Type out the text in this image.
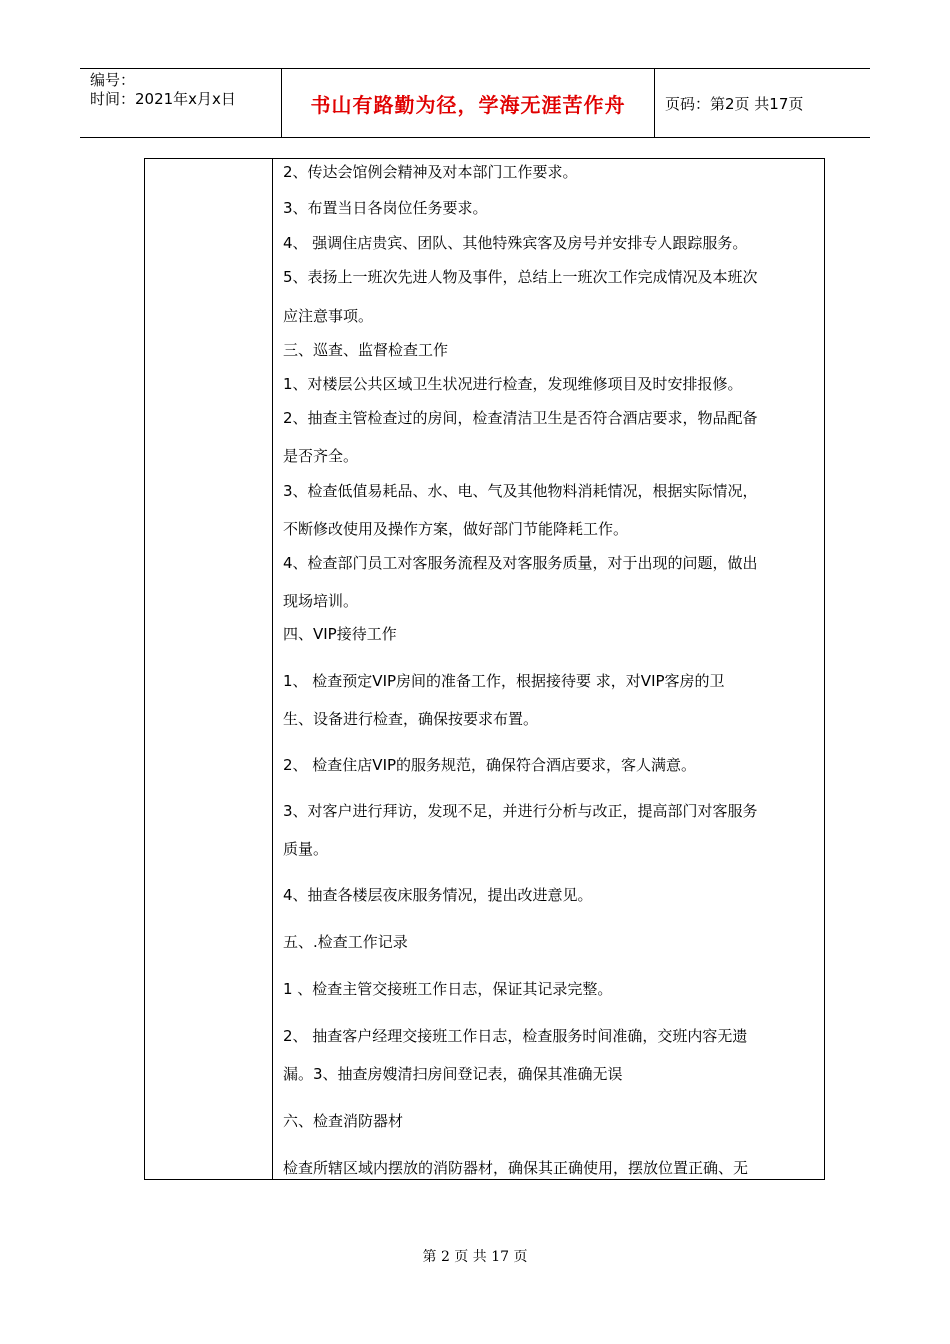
编号：
时间：2021年x月x日	书山有路勤为径，学海无涯苦作舟	页码：第2页 共17页
2、传达会馆例会精神及对本部门工作要求。
3、布置当日各岗位任务要求。
4、 强调住店贵宾、团队、其他特殊宾客及房号并安排专人跟踪服务。
5、表扬上一班次先进人物及事件，总结上一班次工作完成情况及本班次
应注意事项。
三、巡查、监督检查工作
1、对楼层公共区域卫生状况进行检查，发现维修项目及时安排报修。
2、抽查主管检查过的房间，检查清洁卫生是否符合酒店要求，物品配备
是否齐全。
3、检查低值易耗品、水、电、气及其他物料消耗情况，根据实际情况，
不断修改使用及操作方案，做好部门节能降耗工作。
4、检查部门员工对客服务流程及对客服务质量，对于出现的问题，做出
现场培训。
四、VIP接待工作
1、 检查预定VIP房间的准备工作，根据接待要 求，对VIP客房的卫
生、设备进行检查，确保按要求布置。
2、 检查住店VIP的服务规范，确保符合酒店要求，客人满意。
3、对客户进行拜访，发现不足，并进行分析与改正，提高部门对客服务
质量。
4、抽查各楼层夜床服务情况，提出改进意见。
五、.检查工作记录
1 、检查主管交接班工作日志，保证其记录完整。
2、 抽查客户经理交接班工作日志，检查服务时间准确，交班内容无遗
漏。3、抽查房嫂清扫房间登记表，确保其准确无误
六、检查消防器材
检查所辖区域内摆放的消防器材，确保其正确使用，摆放位置正确、无
第 2 页 共 17 页
